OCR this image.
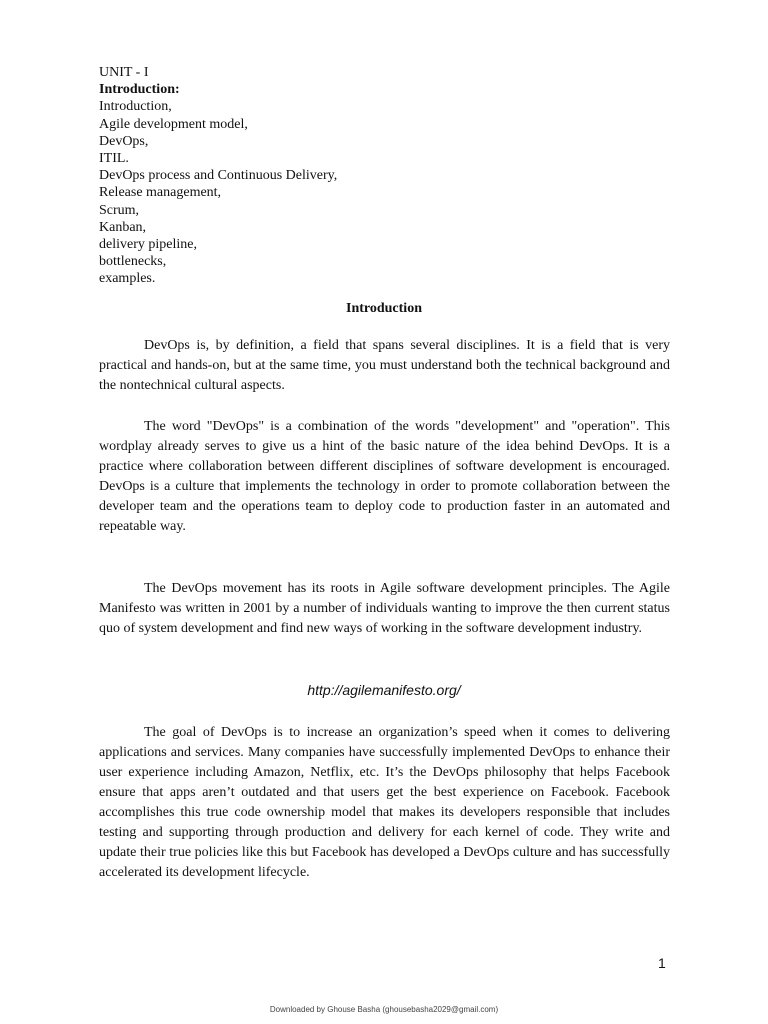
UNIT - I
Introduction:
Introduction,
Agile development model,
DevOps,
ITIL.
DevOps process and Continuous Delivery,
Release management,
Scrum,
Kanban,
delivery pipeline,
bottlenecks,
examples.
Introduction

DevOps is, by definition, a field that spans several disciplines. It is a field that is very practical and hands-on, but at the same time, you must understand both the technical background and the nontechnical cultural aspects.

The word "DevOps" is a combination of the words "development" and "operation". This wordplay already serves to give us a hint of the basic nature of the idea behind DevOps. It is a practice where collaboration between different disciplines of software development is encouraged. DevOps is a culture that implements the technology in order to promote collaboration between the developer team and the operations team to deploy code to production faster in an automated and repeatable way.

The DevOps movement has its roots in Agile software development principles. The Agile Manifesto was written in 2001 by a number of individuals wanting to improve the then current status quo of system development and find new ways of working in the software development industry.

http://agilemanifesto.org/

The goal of DevOps is to increase an organization’s speed when it comes to delivering applications and services. Many companies have successfully implemented DevOps to enhance their user experience including Amazon, Netflix, etc. It’s the DevOps philosophy that helps Facebook ensure that apps aren’t outdated and that users get the best experience on Facebook. Facebook accomplishes this true code ownership model that makes its developers responsible that includes testing and supporting through production and delivery for each kernel of code. They write and update their true policies like this but Facebook has developed a DevOps culture and has successfully accelerated its development lifecycle.

1
Downloaded by Ghouse Basha (ghousebasha2029@gmail.com)
